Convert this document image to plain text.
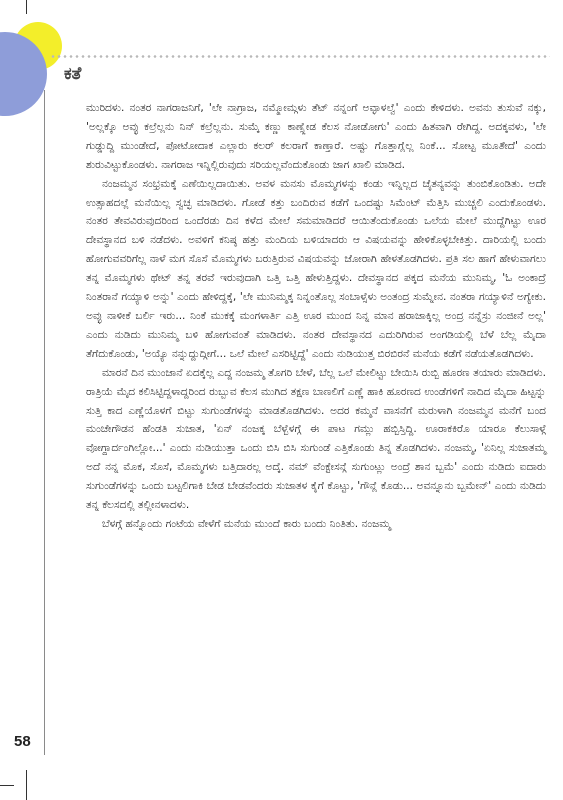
ಕತೆ

ಮುರಿದಳು. ನಂತರ ನಾಗರಾಜನಿಗೆ, 'ಲೇ ನಾಗ್ರಾಜ, ನಮ್ಮೋಮ್ಗಳು ತೆಟ್ ನನ್ನಂಗೆ ಅವ್ಳಾಳಲ್ವೆ' ಎಂದು ಕೇಳಿದಳು. ಅವನು ತುಸುವೆ ನಕ್ಕು, 'ಅಲ್ಲಕ್ಕೊ ಅವ್ಳು ಕಲ್ರೆಲ್ಲನು ನಿನ್ ಕಲ್ರೆಲ್ಲನು. ಸುಮ್ಕೆ ಕಣ್ಣು ಕಾಣ್ಸ್ಲೇಡ ಕೆಲಸ ನೋಡೋಗು' ಎಂದು ಹಿತವಾಗಿ ರೇಗಿದ್ದ. ಅದಕ್ಕವಳು, 'ಲೇ ಗುಡ್ಡುದ್ದಿ ಮುಂಡೇದೆ, ಪೋಟೋದಾಕ ಎಲ್ಲಾರು ಕಲರ್ ಕಲರಾಗೆ ಕಾಣ್ತಾರೆ. ಅಷ್ಟು ಗೊತ್ತಾಗ್ಲೆಲ್ಲ ನಿಂಕೆ... ಸೋಟ್ಟ ಮೂತಿೇದೆ' ಎಂದು ಶುರುವಿಟ್ಟುಕೊಂಡಳು. ನಾಗರಾಜ ಇನ್ನಿಲ್ಲಿರುವುದು ಸರಿಯಲ್ಲವೆಂದುಕೊಂಡು ಜಾಗ ಖಾಲಿ ಮಾಡಿದ.

ನಂಜಮ್ಮನ ಸಂಭ್ರಮಕ್ಕೆ ಎಣೆಯಿಲ್ಲದಾಯಿತು. ಅವಳ ಮನಸು ಮೊಮ್ಮಗಳನ್ನು ಕಂಡು ಇನ್ನಿಲ್ಲದ ಚೈತನ್ಯವನ್ನು ತುಂಬಿಕೊಂಡಿತು. ಅದೇ ಉತ್ಸಾಹದಲ್ಲೆ ಮನೆಯಿಲ್ಲ ಸ್ವಚ್ಛ ಮಾಡಿದಳು. ಗೋಡೆ ಕತ್ತು ಬಂದಿರುವ ಕಡೆಗೆ ಒಂದಷ್ಟು ಸಿಮೆಂಟ್ ಮೆತ್ತಿಸಿ ಮುಚ್ಚಲಿ ಎಂದುಕೊಂಡಳು. ನಂತರ ತೇವವಿರುವುದರಿಂದ ಒಂದೆರಡು ದಿನ ಕಳೆದ ಮೇಲೆ ಸಮಮಾಡಿದರೆ ಆಯಿತೆಂದುಕೊಂಡು ಒಲೆಯ ಮೇಲೆ ಮುದ್ದೆಗಿಟ್ಟು ಊರ ದೇವಸ್ಥಾನದ ಬಳಿ ನಡೆದಳು. ಅವಳಿಗೆ ಕನಿಷ್ಠ ಹತ್ತು ಮಂದಿಯ ಬಳಿಯಾದರು ಆ ವಿಷಯವನ್ನು ಹೇಳಿಕೊಳ್ಳಬೇಕಿತ್ತು. ದಾರಿಯಲ್ಲಿ ಬಂದು ಹೋಗುವವರಿಗೆಲ್ಲ ನಾಳೆ ಮಗ ಸೊಸೆ ಮೊಮ್ಮಗಳು ಬರುತ್ತಿರುವ ವಿಷಯವನ್ನು ಜೋರಾಗಿ ಹೇಳತೊಡಗಿದಳು. ಪ್ರತಿ ಸಲ ಹಾಗೆ ಹೇಳುವಾಗಲು ತನ್ನ ಮೊಮ್ಮಗಳು ಥೇಟ್ ತನ್ನ ತರವೆ ಇರುವುದಾಗಿ ಒತ್ತಿ ಒತ್ತಿ ಹೇಳುತ್ತಿದ್ದಳು. ದೇವಸ್ಥಾನದ ಪಕ್ಕದ ಮನೆಯ ಮುನಿಮ್ಮ, 'ಓ ಅಂಕಾದ್ರೆ ನಿಂತರಾನೆ ಗಯ್ಯಾಳಿ ಅನ್ನು' ಎಂದು ಹೇಳಿದ್ದಕ್ಕೆ, 'ಲೇ ಮುನಿಮ್ಮಕ್ಕ ನಿನ್ನಂತೊಲ್ಲ ಸಂಬಾಳ್ಸೆಳು ಅಂತಂದ್ರ ಸುಮ್ನೇನ. ನಂತರಾ ಗಯ್ಯಾಳಿನೆ ಅಗ್ಯೇಕು. ಅವ್ಳು ನಾಳೀಕೆ ಬರ್ಲಿ ಇರು... ನಿಂಕೆ ಮುಕಕ್ಕೆ ಮಂಗಳಾರ್ತಿ ಎತ್ತಿ ಊರ ಮುಂದ ನಿನ್ನ ಮಾನ ಹರಾಜಾಕ್ಕಿಲ್ಲ ಅಂದ್ರ ನನ್ನೆಸ್ರು ನಂಜೀನೆ ಅಲ್ಲ' ಎಂದು ನುಡಿದು ಮುನಿಮ್ಮ ಬಳಿ ಹೋಗುವಂತೆ ಮಾಡಿದಳು. ನಂತರ ದೇವಸ್ಥಾನದ ಎದುರಿಗಿರುವ ಅಂಗಡಿಯಲ್ಲಿ ಬೆಳೆ ಬೆಲ್ಲ ಮೈದಾ ತೆಗೆದುಕೊಂಡು, 'ಅಯ್ಯೊ ನನ್ನುದ್ದುದ್ಗೀಗೆ... ಒಲೆ ಮೇಲೆ ಎಸರಿಟ್ಟಿದ್ದೆ' ಎಂದು ನುಡಿಯುತ್ತ ಬಿರಬಿರನೆ ಮನೆಯ ಕಡೆಗೆ ನಡೆಯತೊಡಗಿದಳು.

ಮಾರನೆ ದಿನ ಮುಂಜಾನೆ ಏದಕ್ಕೆಲ್ಲ ಎದ್ದ ನಂಜಮ್ಮ ತೊಗರಿ ಬೇಳೆ, ಬೆಲ್ಲ ಒಲೆ ಮೇಲಿಟ್ಟು ಬೇಯಿಸಿ ರುಬ್ಬಿ ಹೂರಣ ತಯಾರು ಮಾಡಿದಳು. ರಾತ್ರಿಯೆ ಮೈದ ಕಲಿಸಿಟ್ಟಿದ್ದಳಾದ್ದರಿಂದ ರುಬ್ಬುವ ಕೆಲಸ ಮುಗಿದ ತಕ್ಷಣ ಬಾಣಲಿಗೆ ಎಣ್ಣೆ ಹಾಕಿ ಹೂರಣದ ಉಂಡೆಗಳಿಗೆ ನಾದಿದ ಮೈದಾ ಹಿಟ್ಟನ್ನು ಸುತ್ತಿ ಕಾದ ಎಣ್ಣೆಯೊಳಗೆ ಬಿಟ್ಟು ಸುಗುಂಡೆಗಳನ್ನು ಮಾಡತೊಡಗಿದಳು. ಅದರ ಕಮ್ಮನೆ ವಾಸನೆಗೆ ಮರುಳಾಗಿ ನಂಜಮ್ಮನ ಮನೆಗೆ ಬಂದ ಮಂಚೇಗೌಡನ ಹೆಂಡತಿ ಸುಜಾತ, 'ಏನ್ ನಂಜಕ್ಕ ಬೆಳ್ಬೆಳಗ್ಗೆ ಈ ಪಾಟ ಗಮ್ಲು ಹಬ್ಬಿಸ್ತಿದ್ದಿ. ಊರಾಕಕಿರೊ ಯಾರೂ ಕೆಲುಸಾಳ್ಗೆ ವೋಗ್ದಾರ್ದಂಗಿಲ್ಲೋ...' ಎಂದು ನುಡಿಯುತ್ತಾ ಒಂದು ಬಿಸಿ ಬಿಸಿ ಸುಗುಂಡೆ ಎತ್ತಿಕೊಂಡು ತಿನ್ನ ತೊಡಗಿದಳು. ನಂಜಮ್ಮ, 'ಏನಿಲ್ಲ ಸುಜಾತಮ್ಮ ಅದೆ ನನ್ನ ಮೊಕ, ಸೊಸೆ, ಮೊಮ್ಮಗಳು ಬತ್ತಿದಾರಲ್ಲ ಅದ್ಕೆ. ನಮ್ ವೆಂಕ್ಟೇಸನ್ಗೆ ಸುಗುಂಟ್ಲು ಅಂದ್ರೆ ಶಾನ ಬ್ಬಮೆ' ಎಂದು ನುಡಿದು ಐದಾರು ಸುಗುಂಡೆಗಳನ್ನು ಒಂದು ಬಟ್ಟಲಿಗಾಕಿ ಬೇಡ ಬೇಡವೆಂದರು ಸುಜಾತಳ ಕೈಗೆ ಕೊಟ್ಟು, 'ಗೌನ್ಲೆ ಕೊಡು... ಅವನ್ನೂನು ಬ್ಬಮೇನ್' ಎಂದು ನುಡಿದು ತನ್ನ ಕೆಲಸದಲ್ಲಿ ತಲ್ಲೀನಳಾದಳು.

ಬೆಳಗ್ಗೆ ಹನ್ನೊಂದು ಗಂಟೆಯ ವೇಳೆಗೆ ಮನೆಯ ಮುಂದೆ ಕಾರು ಬಂದು ನಿಂತಿತು. ನಂಜಮ್ಮ

58
